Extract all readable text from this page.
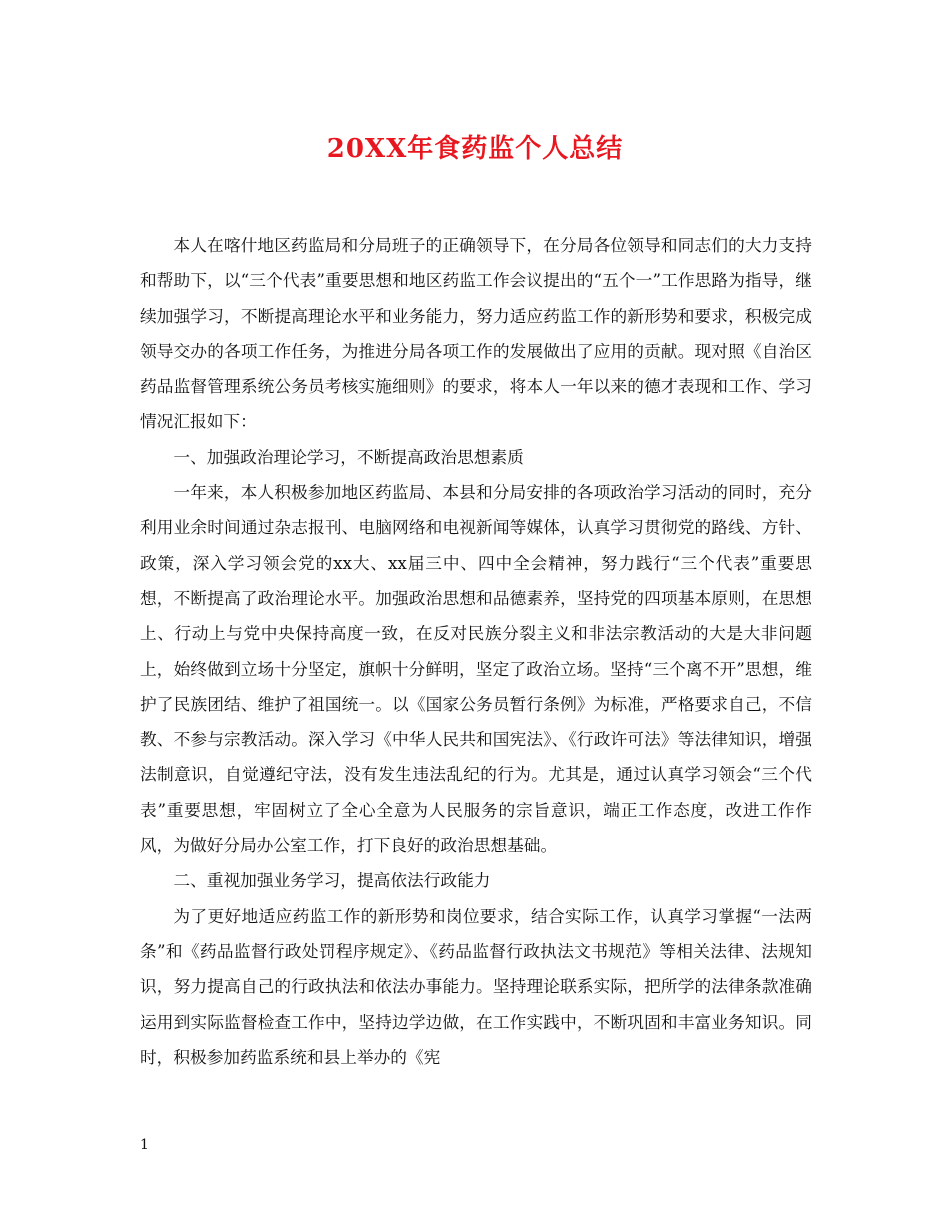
20XX年食药监个人总结

本人在喀什地区药监局和分局班子的正确领导下，在分局各位领导和同志们的大力支持和帮助下，以“三个代表”重要思想和地区药监工作会议提出的“五个一”工作思路为指导，继续加强学习，不断提高理论水平和业务能力，努力适应药监工作的新形势和要求，积极完成领导交办的各项工作任务，为推进分局各项工作的发展做出了应用的贡献。现对照《自治区药品监督管理系统公务员考核实施细则》的要求，将本人一年以来的德才表现和工作、学习情况汇报如下：

一、加强政治理论学习，不断提高政治思想素质

一年来，本人积极参加地区药监局、本县和分局安排的各项政治学习活动的同时，充分利用业余时间通过杂志报刊、电脑网络和电视新闻等媒体，认真学习贯彻党的路线、方针、政策，深入学习领会党的xx大、xx届三中、四中全会精神，努力践行“三个代表”重要思想，不断提高了政治理论水平。加强政治思想和品德素养，坚持党的四项基本原则，在思想上、行动上与党中央保持高度一致，在反对民族分裂主义和非法宗教活动的大是大非问题上，始终做到立场十分坚定，旗帜十分鲜明，坚定了政治立场。坚持“三个离不开”思想，维护了民族团结、维护了祖国统一。以《国家公务员暂行条例》为标准，严格要求自己，不信教、不参与宗教活动。深入学习《中华人民共和国宪法》、《行政许可法》等法律知识，增强法制意识，自觉遵纪守法，没有发生违法乱纪的行为。尤其是，通过认真学习领会“三个代表”重要思想，牢固树立了全心全意为人民服务的宗旨意识，端正工作态度，改进工作作风，为做好分局办公室工作，打下良好的政治思想基础。

二、重视加强业务学习，提高依法行政能力

为了更好地适应药监工作的新形势和岗位要求，结合实际工作，认真学习掌握“一法两条”和《药品监督行政处罚程序规定》、《药品监督行政执法文书规范》等相关法律、法规知识，努力提高自己的行政执法和依法办事能力。坚持理论联系实际，把所学的法律条款准确运用到实际监督检查工作中，坚持边学边做，在工作实践中，不断巩固和丰富业务知识。同时，积极参加药监系统和县上举办的《宪

1
